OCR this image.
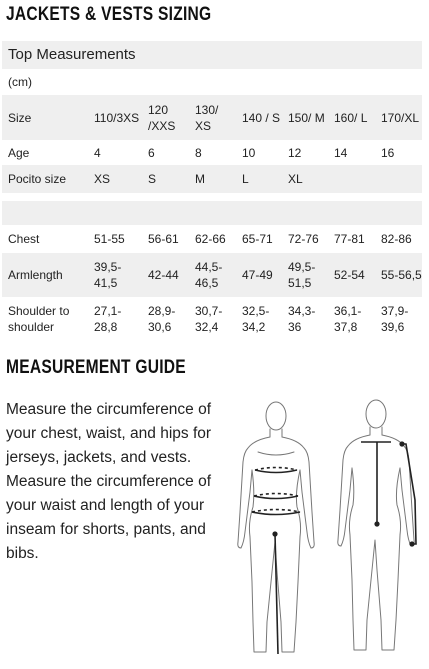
JACKETS & VESTS SIZING
Top Measurements							
(cm)							
Size	110/3XS	120 /XXS	130/ XS	140 / S	150/ M	160/ L	170/XL
Age	4	6	8	10	12	14	16
Pocito size	XS	S	M	L	XL		

Chest	51-55	56-61	62-66	65-71	72-76	77-81	82-86
Armlength	39,5- 41,5	42-44	44,5- 46,5	47-49	49,5- 51,5	52-54	55-56,5
Shoulder to shoulder	27,1- 28,8	28,9- 30,6	30,7- 32,4	32,5- 34,2	34,3- 36	36,1- 37,8	37,9- 39,6
MEASUREMENT GUIDE
Measure the circumference of your chest, waist, and hips for jerseys, jackets, and vests. Measure the circumference of your waist and length of your inseam for shorts, pants, and bibs.
